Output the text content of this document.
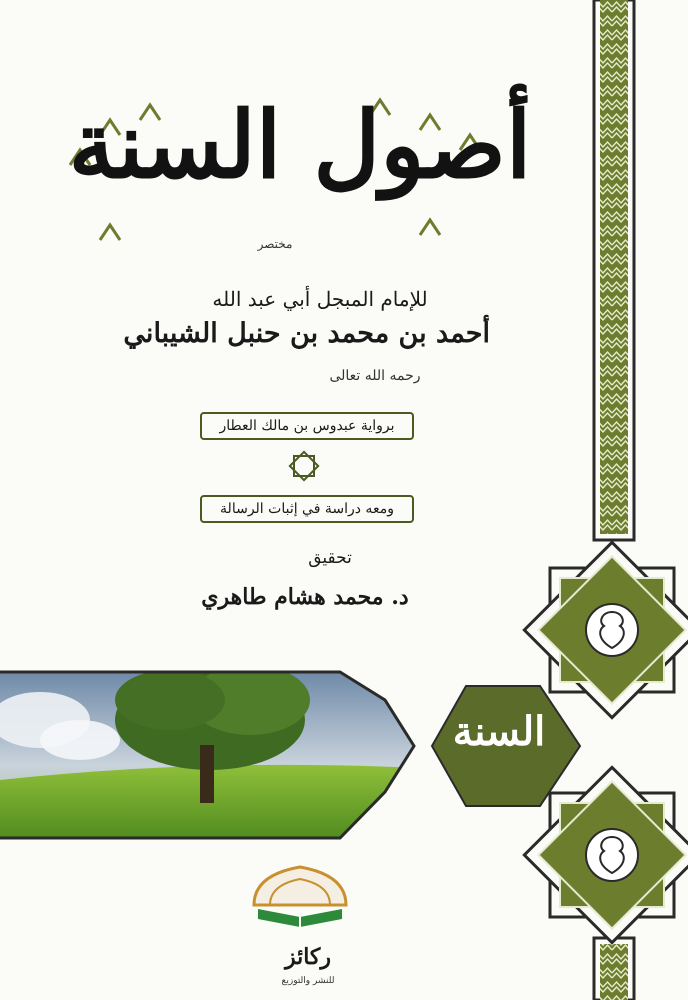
أصول السنة
مختصر
للإمام المبجل أبي عبد الله
أحمد بن محمد بن حنبل الشيباني
رحمه الله تعالى
برواية عبدوس بن مالك العطار
ومعه دراسة في إثبات الرسالة
تحقيق
د. محمد هشام طاهري
السنة
ركائز
للنشر والتوزيع
